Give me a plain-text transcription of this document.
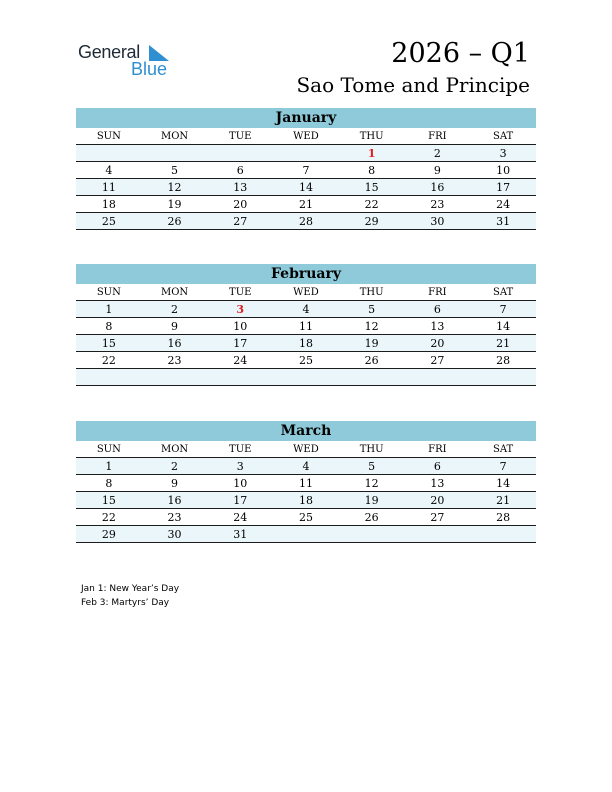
General
Blue	2026 – Q1
Sao Tome and Principe
January
SUN	MON	TUE	WED	THU	FRI	SAT
				1	2	3
4	5	6	7	8	9	10
11	12	13	14	15	16	17
18	19	20	21	22	23	24
25	26	27	28	29	30	31
February
SUN	MON	TUE	WED	THU	FRI	SAT
1	2	3	4	5	6	7
8	9	10	11	12	13	14
15	16	17	18	19	20	21
22	23	24	25	26	27	28

March
SUN	MON	TUE	WED	THU	FRI	SAT
1	2	3	4	5	6	7
8	9	10	11	12	13	14
15	16	17	18	19	20	21
22	23	24	25	26	27	28
29	30	31				
Jan 1: New Year’s Day
Feb 3: Martyrs’ Day
